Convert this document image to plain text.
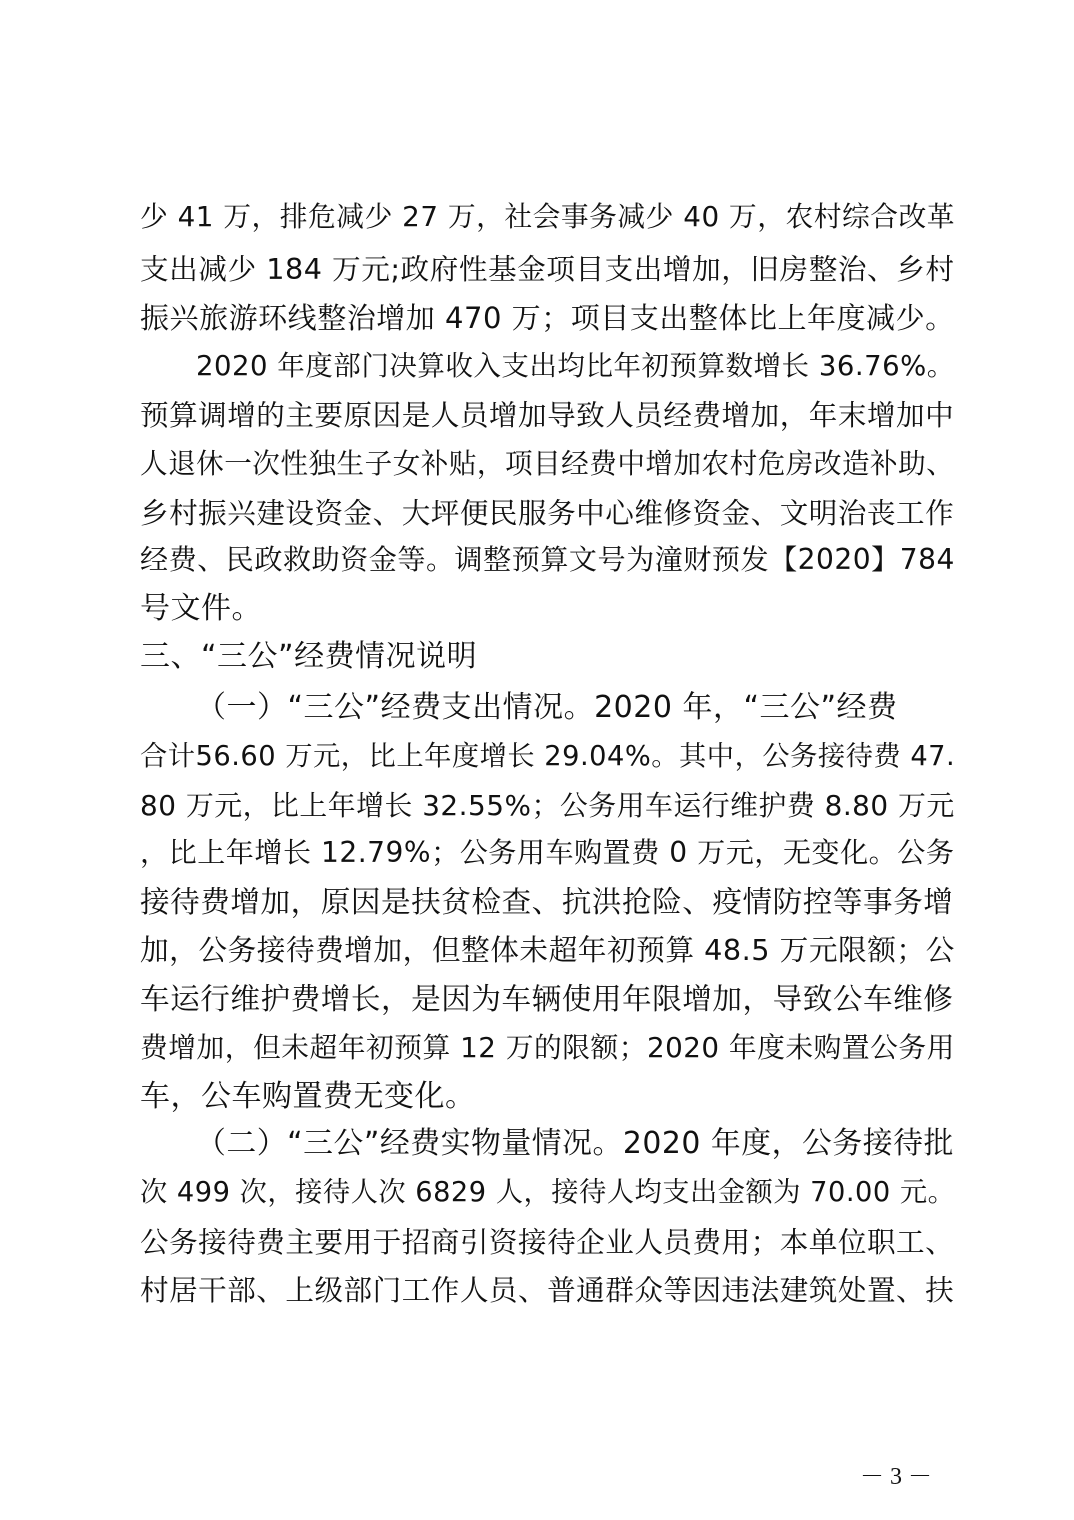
少 41 万，排危减少 27 万，社会事务减少 40 万，农村综合改革
支出减少 184 万元;政府性基金项目支出增加，旧房整治、乡村
振兴旅游环线整治增加 470 万；项目支出整体比上年度减少。
2020 年度部门决算收入支出均比年初预算数增长 36.76%。
预算调增的主要原因是人员增加导致人员经费增加，年末增加中
人退休一次性独生子女补贴，项目经费中增加农村危房改造补助、
乡村振兴建设资金、大坪便民服务中心维修资金、文明治丧工作
经费、民政救助资金等。调整预算文号为潼财预发【2020】784
号文件。
三、“三公”经费情况说明
（一）“三公”经费支出情况。2020 年，“三公”经费
合计56.60 万元，比上年度增长 29.04%。其中，公务接待费 47.
80 万元，比上年增长 32.55%；公务用车运行维护费 8.80 万元
，比上年增长 12.79%；公务用车购置费 0 万元，无变化。公务
接待费增加，原因是扶贫检查、抗洪抢险、疫情防控等事务增
加，公务接待费增加，但整体未超年初预算 48.5 万元限额；公
车运行维护费增长，是因为车辆使用年限增加，导致公车维修
费增加，但未超年初预算 12 万的限额；2020 年度未购置公务用
车，公车购置费无变化。
（二）“三公”经费实物量情况。2020 年度，公务接待批
次 499 次，接待人次 6829 人，接待人均支出金额为 70.00 元。
公务接待费主要用于招商引资接待企业人员费用；本单位职工、
村居干部、上级部门工作人员、普通群众等因违法建筑处置、扶
－ 3 －
